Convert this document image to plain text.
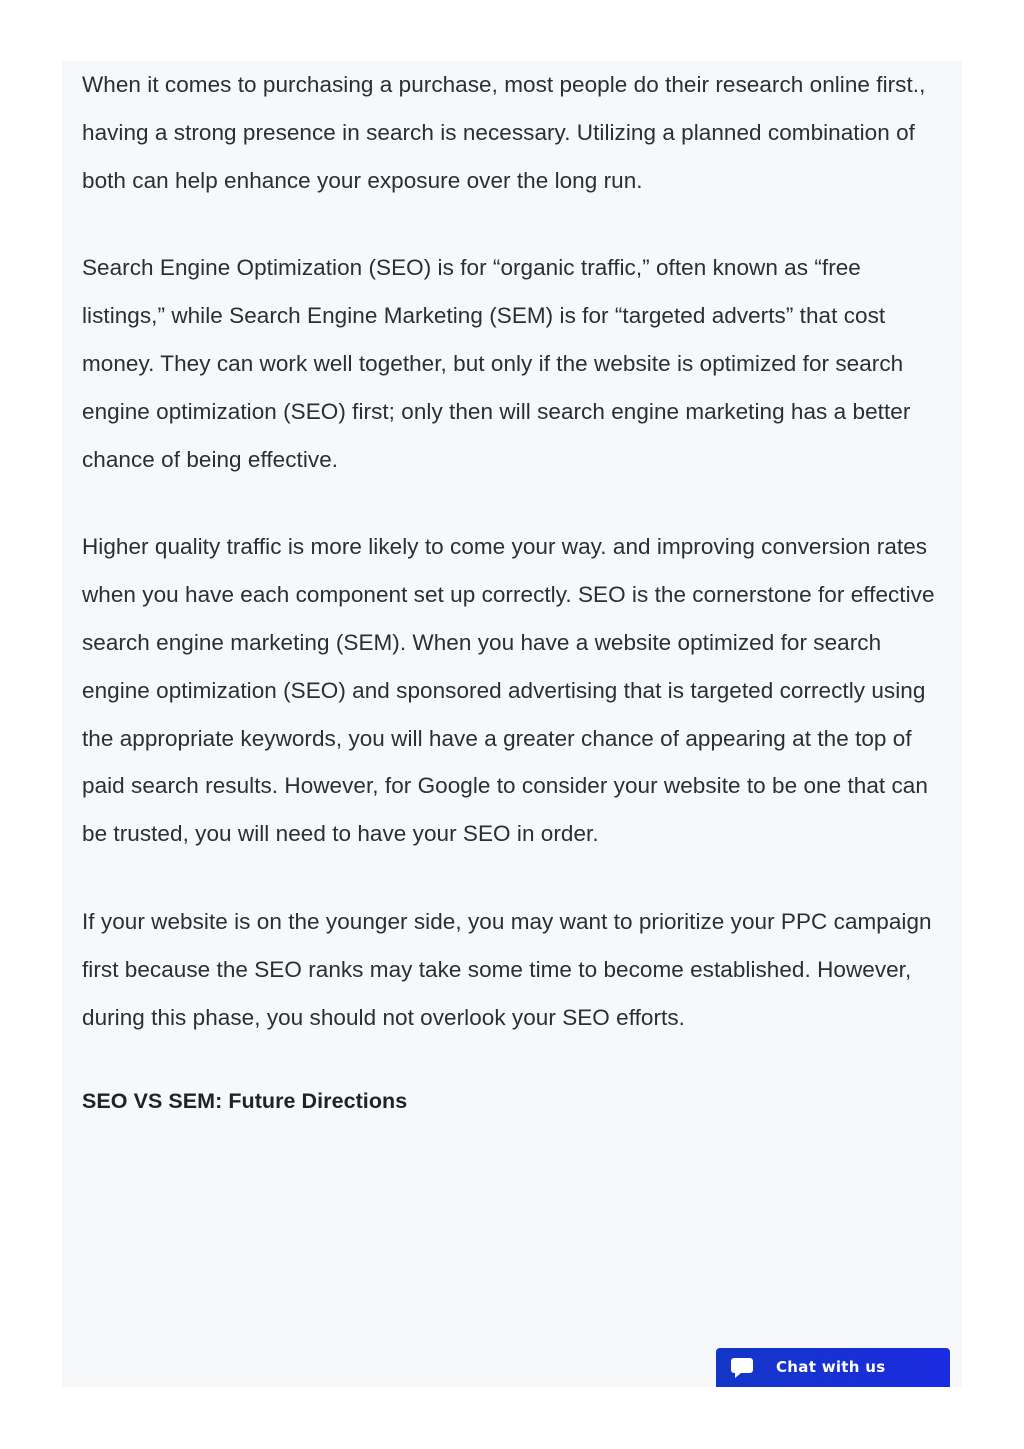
When it comes to purchasing a purchase, most people do their research online first., having a strong presence in search is necessary. Utilizing a planned combination of both can help enhance your exposure over the long run.

Search Engine Optimization (SEO) is for “organic traffic,” often known as “free listings,” while Search Engine Marketing (SEM) is for “targeted adverts” that cost money. They can work well together, but only if the website is optimized for search engine optimization (SEO) first; only then will search engine marketing has a better chance of being effective.

Higher quality traffic is more likely to come your way. and improving conversion rates when you have each component set up correctly. SEO is the cornerstone for effective search engine marketing (SEM). When you have a website optimized for search engine optimization (SEO) and sponsored advertising that is targeted correctly using the appropriate keywords, you will have a greater chance of appearing at the top of paid search results. However, for Google to consider your website to be one that can be trusted, you will need to have your SEO in order.

If your website is on the younger side, you may want to prioritize your PPC campaign first because the SEO ranks may take some time to become established. However, during this phase, you should not overlook your SEO efforts.

SEO VS SEM: Future Directions
Chat with us
